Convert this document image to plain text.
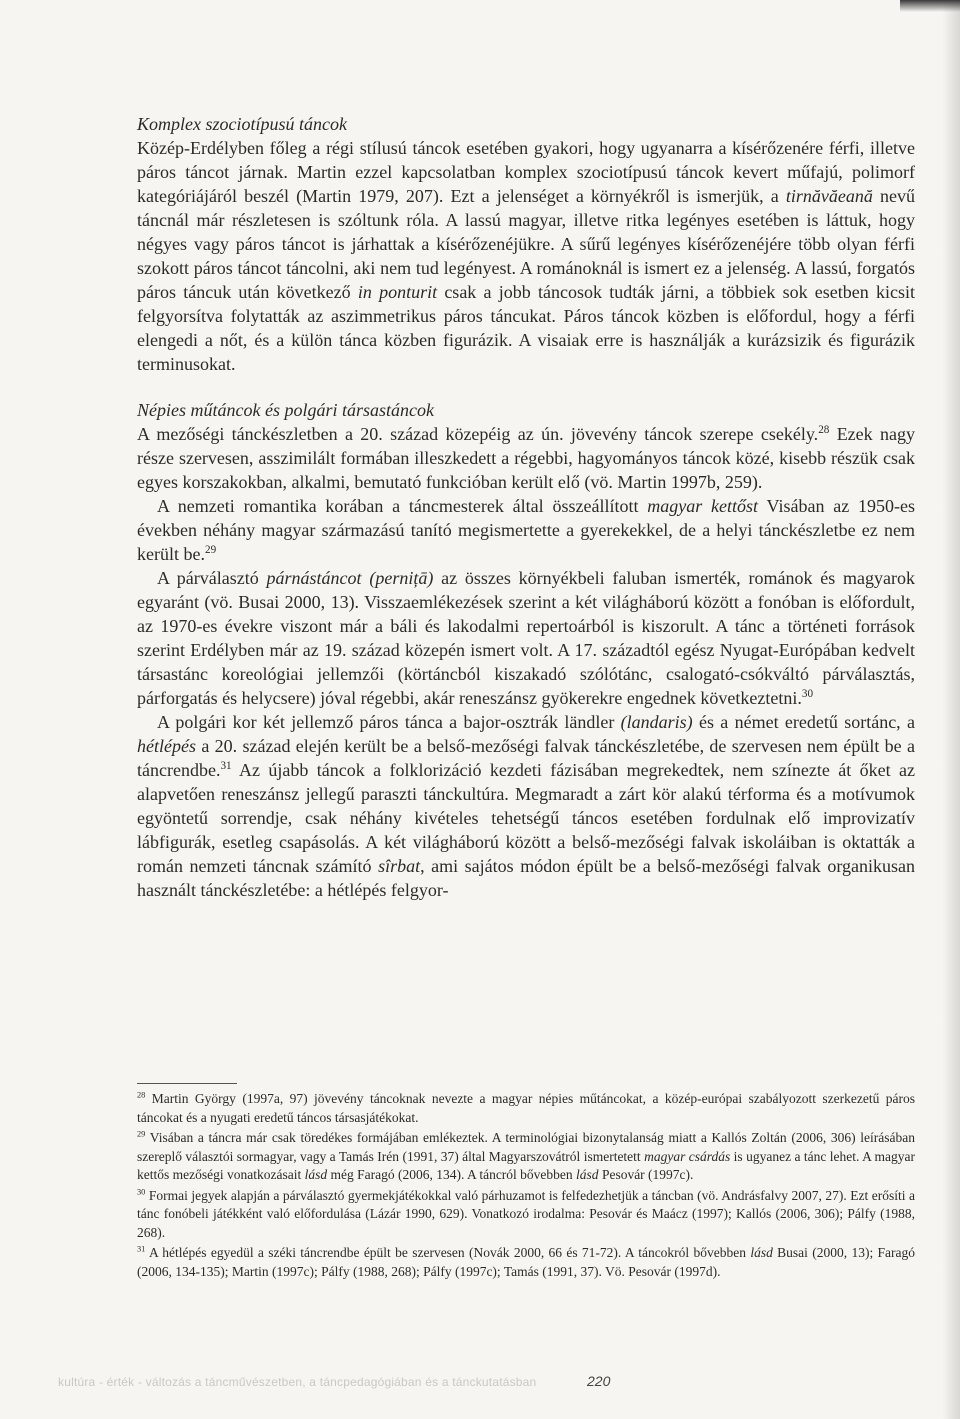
Komplex szociotípusú táncok

Közép-Erdélyben főleg a régi stílusú táncok esetében gyakori, hogy ugyanarra a kísérőzenére férfi, illetve páros táncot járnak. Martin ezzel kapcsolatban komplex szociotípusú táncok kevert műfajú, polimorf kategóriájáról beszél (Martin 1979, 207). Ezt a jelenséget a környékről is ismerjük, a tirnăvăeană nevű táncnál már részletesen is szóltunk róla. A lassú magyar, illetve ritka legényes esetében is láttuk, hogy négyes vagy páros táncot is járhattak a kísérőzenéjükre. A sűrű legényes kísérőzenéjére több olyan férfi szokott páros táncot táncolni, aki nem tud legényest. A románoknál is ismert ez a jelenség. A lassú, forgatós páros táncuk után következő in ponturit csak a jobb táncosok tudták járni, a többiek sok esetben kicsit felgyorsítva folytatták az aszimmetrikus páros táncukat. Páros táncok közben is előfordul, hogy a férfi elengedi a nőt, és a külön tánca közben figurázik. A visaiak erre is használják a kurázsizik és figurázik terminusokat.

Népies műtáncok és polgári társastáncok

A mezőségi tánckészletben a 20. század közepéig az ún. jövevény táncok szerepe csekély.$^{28}$ Ezek nagy része szervesen, asszimilált formában illeszkedett a régebbi, hagyományos táncok közé, kisebb részük csak egyes korszakokban, alkalmi, bemutató funkcióban került elő (vö. Martin 1997b, 259).

A nemzeti romantika korában a táncmesterek által összeállított magyar kettőst Visában az 1950-es években néhány magyar származású tanító megismertette a gyerekekkel, de a helyi tánckészletbe ez nem került be.$^{29}$

A párválasztó párnástáncot (pernițā) az összes környékbeli faluban ismerték, románok és magyarok egyaránt (vö. Busai 2000, 13). Visszaemlékezések szerint a két világháború között a fonóban is előfordult, az 1970-es évekre viszont már a báli és lakodalmi repertoárból is kiszorult. A tánc a történeti források szerint Erdélyben már az 19. század közepén ismert volt. A 17. századtól egész Nyugat-Európában kedvelt társastánc koreológiai jellemzői (körtáncból kiszakadó szólótánc, csalogató-csókváltó párválasztás, párforgatás és helycsere) jóval régebbi, akár reneszánsz gyökerekre engednek következtetni.$^{30}$

A polgári kor két jellemző páros tánca a bajor-osztrák ländler (landaris) és a német eredetű sortánc, a hétlépés a 20. század elején került be a belső-mezőségi falvak tánckészletébe, de szervesen nem épült be a táncrendbe.$^{31}$ Az újabb táncok a folklorizáció kezdeti fázisában megrekedtek, nem színezte át őket az alapvetően reneszánsz jellegű paraszti tánckultúra. Megmaradt a zárt kör alakú térforma és a motívumok egyöntetű sorrendje, csak néhány kivételes tehetségű táncos esetében fordulnak elő improvizatív lábfigurák, esetleg csapásolás. A két világháború között a belső-mezőségi falvak iskoláiban is oktatták a román nemzeti táncnak számító sîrbat, ami sajátos módon épült be a belső-mezőségi falvak organikusan használt tánckészletébe: a hétlépés felgyor-

$^{28}$ Martin György (1997a, 97) jövevény táncoknak nevezte a magyar népies műtáncokat, a közép-európai szabályozott szerkezetű páros táncokat és a nyugati eredetű táncos társasjátékokat.

$^{29}$ Visában a táncra már csak töredékes formájában emlékeztek. A terminológiai bizonytalanság miatt a Kallós Zoltán (2006, 306) leírásában szereplő választói sormagyar, vagy a Tamás Irén (1991, 37) által Magyarszovátról ismertetett magyar csárdás is ugyanez a tánc lehet. A magyar kettős mezőségi vonatkozásait lásd még Faragó (2006, 134). A táncról bővebben lásd Pesovár (1997c).

$^{30}$ Formai jegyek alapján a párválasztó gyermekjátékokkal való párhuzamot is felfedezhetjük a táncban (vö. Andrásfalvy 2007, 27). Ezt erősíti a tánc fonóbeli játékként való előfordulása (Lázár 1990, 629). Vonatkozó irodalma: Pesovár és Maácz (1997); Kallós (2006, 306); Pálfy (1988, 268).

$^{31}$ A hétlépés egyedül a széki táncrendbe épült be szervesen (Novák 2000, 66 és 71-72). A táncokról bővebben lásd Busai (2000, 13); Faragó (2006, 134-135); Martin (1997c); Pálfy (1988, 268); Pálfy (1997c); Tamás (1991, 37). Vö. Pesovár (1997d).

kultúra - érték - változás a táncművészetben, a táncpedagógiában és a tánckutatásban	220
